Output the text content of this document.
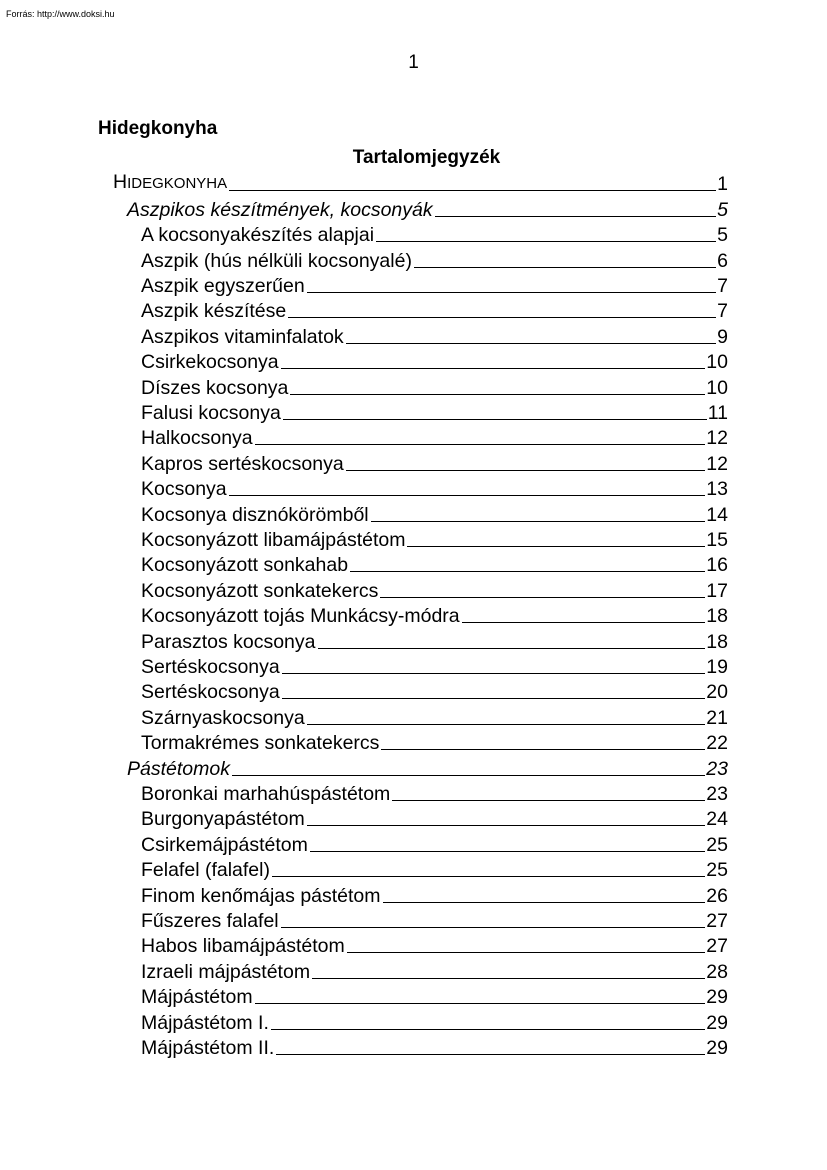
Forrás: http://www.doksi.hu
1
Hidegkonyha
Tartalomjegyzék
HIDEGKONYHA	1
Aszpikos készítmények, kocsonyák	5
A kocsonyakészítés alapjai	5
Aszpik (hús nélküli kocsonyalé)	6
Aszpik egyszerűen	7
Aszpik készítése	7
Aszpikos vitaminfalatok	9
Csirkekocsonya	10
Díszes kocsonya	10
Falusi kocsonya	11
Halkocsonya	12
Kapros sertéskocsonya	12
Kocsonya	13
Kocsonya disznókörömből	14
Kocsonyázott libamájpástétom	15
Kocsonyázott sonkahab	16
Kocsonyázott sonkatekercs	17
Kocsonyázott tojás Munkácsy-módra	18
Parasztos kocsonya	18
Sertéskocsonya	19
Sertéskocsonya	20
Szárnyaskocsonya	21
Tormakrémes sonkatekercs	22
Pástétomok	23
Boronkai marhahúspástétom	23
Burgonyapástétom	24
Csirkemájpástétom	25
Felafel (falafel)	25
Finom kenőmájas pástétom	26
Fűszeres falafel	27
Habos libamájpástétom	27
Izraeli májpástétom	28
Májpástétom	29
Májpástétom I.	29
Májpástétom II.	29
